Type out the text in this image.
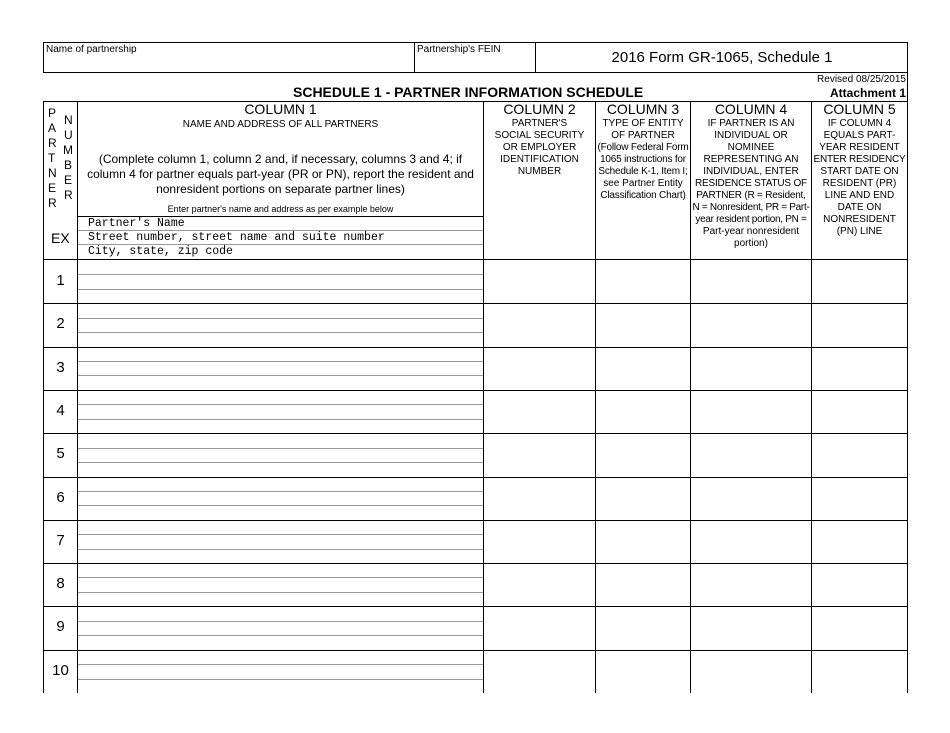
Name of partnership	Partnership's FEIN	2016 Form GR-1065, Schedule 1
Revised 08/25/2015
Attachment 1
SCHEDULE 1 - PARTNER INFORMATION SCHEDULE
P
A
R
T
N
E
R
N
U
M
B
E
R
COLUMN 1
NAME AND ADDRESS OF ALL PARTNERS
(Complete column 1, column 2 and, if necessary, columns 3 and 4; if
column 4 for partner equals part-year (PR or PN), report the resident and
nonresident portions on separate partner lines)
Enter partner's name and address as per example below
COLUMN 2
PARTNER'S
SOCIAL SECURITY
OR EMPLOYER
IDENTIFICATION
NUMBER
COLUMN 3
TYPE OF ENTITY
OF PARTNER
(Follow Federal Form
1065 instructions for
Schedule K-1, Item I;
see Partner Entity
Classification Chart)
COLUMN 4
IF PARTNER IS AN
INDIVIDUAL OR
NOMINEE
REPRESENTING AN
INDIVIDUAL, ENTER
RESIDENCE STATUS OF
PARTNER (R = Resident,
N = Nonresident, PR = Part-
year resident portion, PN =
Part-year nonresident
portion)
COLUMN 5
IF COLUMN 4
EQUALS PART-
YEAR RESIDENT
ENTER RESIDENCY
START DATE ON
RESIDENT (PR)
LINE AND END
DATE ON
NONRESIDENT
(PN) LINE
EX
Partner's Name
Street number, street name and suite number
City, state, zip code
1
2
3
4
5
6
7
8
9
10
